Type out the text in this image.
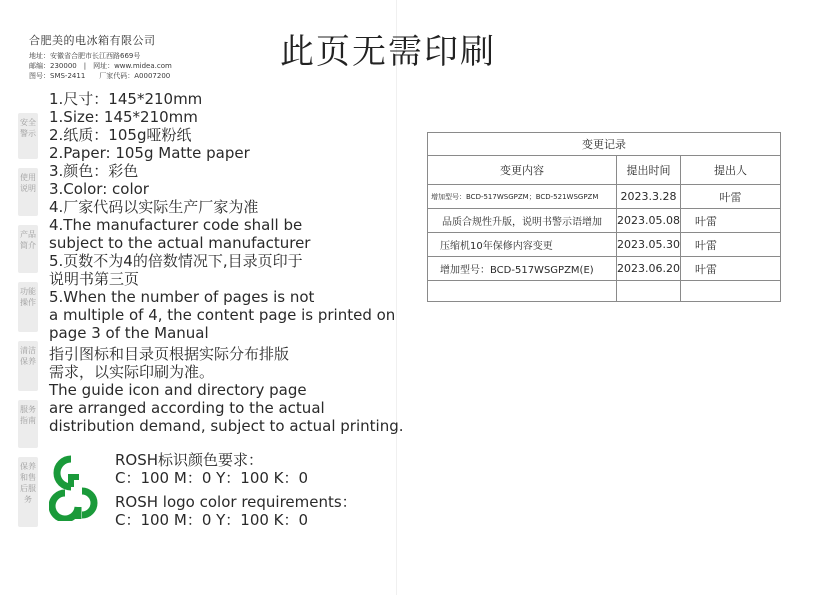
合肥美的电冰箱有限公司
地址：安徽省合肥市长江西路669号
邮编：230000　|　网址：www.midea.com
图号：SMS-2411　　厂家代码：A0007200
此页无需印刷
安全警示
使用说明
产品简介
功能操作
清洁保养
服务指南
保养和售后服务
1.尺寸：145*210mm
1.Size: 145*210mm
2.纸质：105g哑粉纸
2.Paper: 105g Matte paper
3.颜色：彩色
3.Color: color
4.厂家代码以实际生产厂家为准
4.The manufacturer code shall be
subject to the actual manufacturer
5.页数不为4的倍数情况下,目录页印于
说明书第三页
5.When the number of pages is not
a multiple of 4, the content page is printed on
page 3 of the Manual
指引图标和目录页根据实际分布排版
需求，以实际印刷为准。
The guide icon and directory page
are arranged according to the actual
distribution demand, subject to actual printing.
ROSH标识颜色要求：
C：100 M：0 Y：100 K：0
ROSH logo color requirements：
C：100 M：0 Y：100 K：0
变更记录		
变更内容	提出时间	提出人
增加型号：BCD-517WSGPZM；BCD-521WSGPZM	2023.3.28	叶雷
品质合规性升版，说明书警示语增加	2023.05.08	叶雷
压缩机10年保修内容变更	2023.05.30	叶雷
增加型号：BCD-517WSGPZM(E)	2023.06.20	叶雷
